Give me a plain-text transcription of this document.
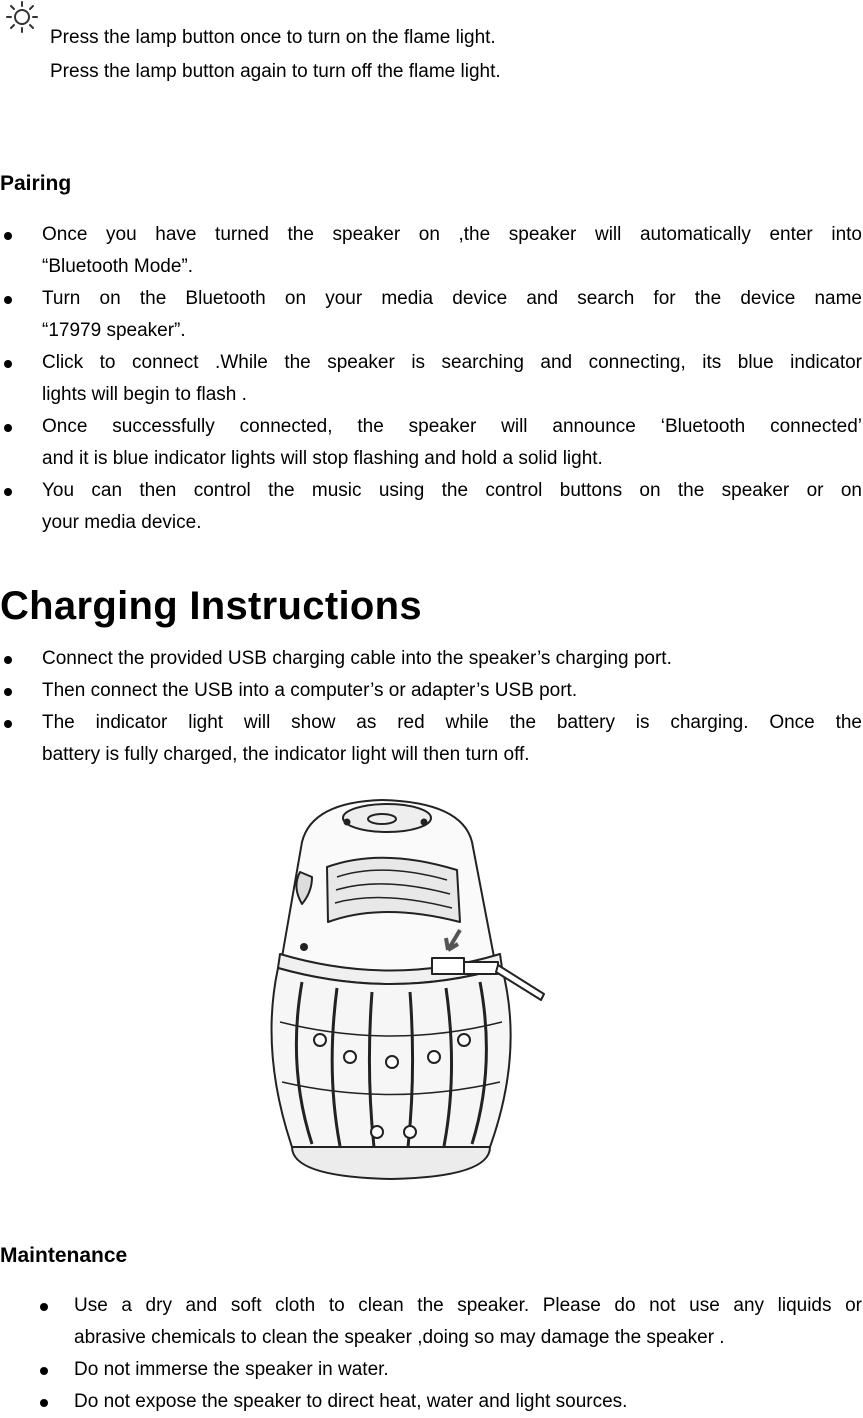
Press the lamp button once to turn on the flame light.
Press the lamp button again to turn off the flame light.
Pairing
Once you have turned the speaker on ,the speaker will automatically enter into
“Bluetooth Mode”.
Turn on the Bluetooth on your media device and search for the device name
“17979 speaker”.
Click to connect .While the speaker is searching and connecting, its blue indicator
lights will begin to flash .
Once successfully connected, the speaker will announce ‘Bluetooth connected’
and it is blue indicator lights will stop flashing and hold a solid light.
You can then control the music using the control buttons on the speaker or on
your media device.
Charging Instructions
Connect the provided USB charging cable into the speaker’s charging port.
Then connect the USB into a computer’s or adapter’s USB port.
The indicator light will show as red while the battery is charging. Once the
battery is fully charged, the indicator light will then turn off.
Maintenance
Use a dry and soft cloth to clean the speaker. Please do not use any liquids or
abrasive chemicals to clean the speaker ,doing so may damage the speaker .
Do not immerse the speaker in water.
Do not expose the speaker to direct heat, water and light sources.
